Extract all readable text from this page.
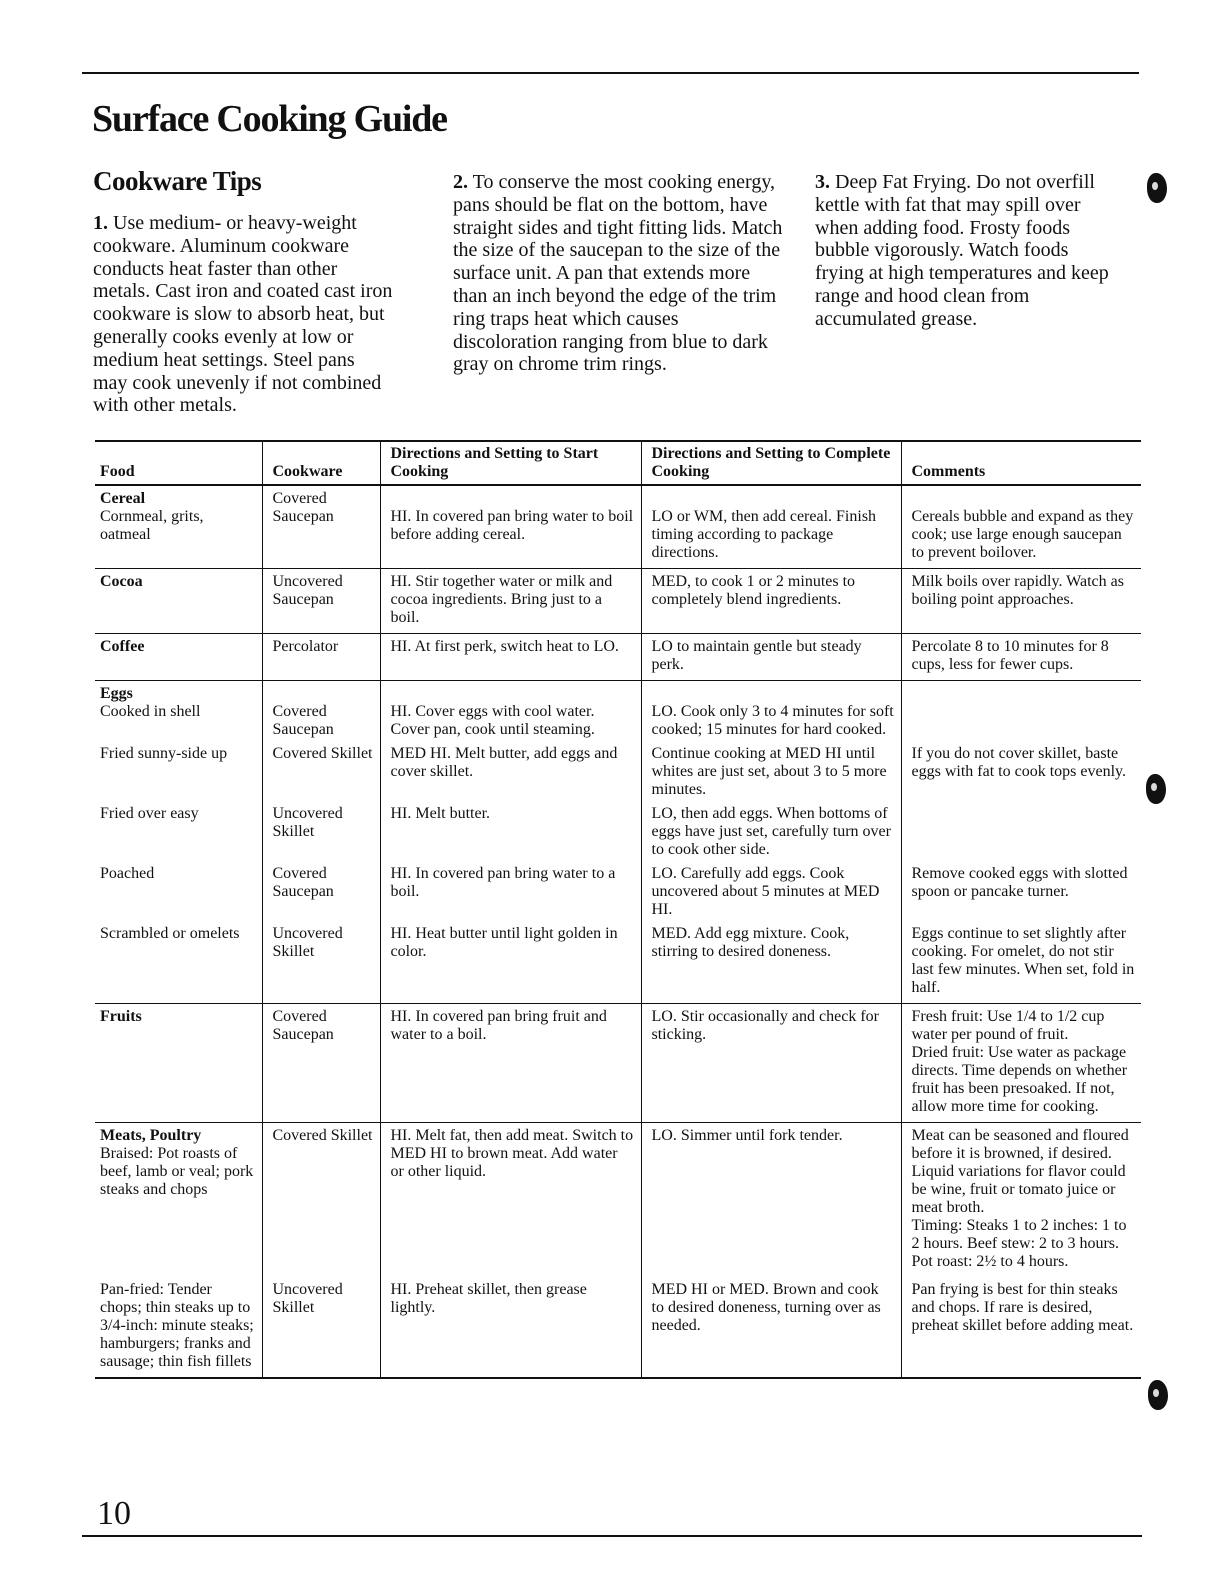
Surface Cooking Guide
Cookware Tips

1. Use medium- or heavy-weight cookware. Aluminum cookware conducts heat faster than other metals. Cast iron and coated cast iron cookware is slow to absorb heat, but generally cooks evenly at low or medium heat settings. Steel pans may cook unevenly if not combined with other metals.

2. To conserve the most cooking energy, pans should be flat on the bottom, have straight sides and tight fitting lids. Match the size of the saucepan to the size of the surface unit. A pan that extends more than an inch beyond the edge of the trim ring traps heat which causes discoloration ranging from blue to dark gray on chrome trim rings.

3. Deep Fat Frying. Do not overfill kettle with fat that may spill over when adding food. Frosty foods bubble vigorously. Watch foods frying at high temperatures and keep range and hood clean from accumulated grease.

Food	Cookware	Directions and Setting to Start Cooking	Directions and Setting to Complete Cooking	Comments

Cereal
Cornmeal, grits, oatmeal	Covered Saucepan	HI. In covered pan bring water to boil before adding cereal.	LO or WM, then add cereal. Finish timing according to package directions.	Cereals bubble and expand as they cook; use large enough saucepan to prevent boilover.

Cocoa	Uncovered Saucepan	HI. Stir together water or milk and cocoa ingredients. Bring just to a boil.	MED, to cook 1 or 2 minutes to completely blend ingredients.	Milk boils over rapidly. Watch as boiling point approaches.

Coffee	Percolator	HI. At first perk, switch heat to LO.	LO to maintain gentle but steady perk.	Percolate 8 to 10 minutes for 8 cups, less for fewer cups.

Eggs
Cooked in shell	Covered Saucepan	HI. Cover eggs with cool water. Cover pan, cook until steaming.	LO. Cook only 3 to 4 minutes for soft cooked; 15 minutes for hard cooked.	
Fried sunny-side up	Covered Skillet	MED HI. Melt butter, add eggs and cover skillet.	Continue cooking at MED HI until whites are just set, about 3 to 5 more minutes.	If you do not cover skillet, baste eggs with fat to cook tops evenly.
Fried over easy	Uncovered Skillet	HI. Melt butter.	LO, then add eggs. When bottoms of eggs have just set, carefully turn over to cook other side.	
Poached	Covered Saucepan	HI. In covered pan bring water to a boil.	LO. Carefully add eggs. Cook uncovered about 5 minutes at MED HI.	Remove cooked eggs with slotted spoon or pancake turner.
Scrambled or omelets	Uncovered Skillet	HI. Heat butter until light golden in color.	MED. Add egg mixture. Cook, stirring to desired doneness.	Eggs continue to set slightly after cooking. For omelet, do not stir last few minutes. When set, fold in half.

Fruits	Covered Saucepan	HI. In covered pan bring fruit and water to a boil.	LO. Stir occasionally and check for sticking.	Fresh fruit: Use 1/4 to 1/2 cup water per pound of fruit.
Dried fruit: Use water as package directs. Time depends on whether fruit has been presoaked. If not, allow more time for cooking.

Meats, Poultry
Braised: Pot roasts of beef, lamb or veal; pork steaks and chops	Covered Skillet	HI. Melt fat, then add meat. Switch to MED HI to brown meat. Add water or other liquid.	LO. Simmer until fork tender.	Meat can be seasoned and floured before it is browned, if desired. Liquid variations for flavor could be wine, fruit or tomato juice or meat broth.
Timing: Steaks 1 to 2 inches: 1 to 2 hours. Beef stew: 2 to 3 hours. Pot roast: 2½ to 4 hours.

Pan-fried: Tender chops; thin steaks up to 3/4-inch: minute steaks; hamburgers; franks and sausage; thin fish fillets	Uncovered Skillet	HI. Preheat skillet, then grease lightly.	MED HI or MED. Brown and cook to desired doneness, turning over as needed.	Pan frying is best for thin steaks and chops. If rare is desired, preheat skillet before adding meat.
10
